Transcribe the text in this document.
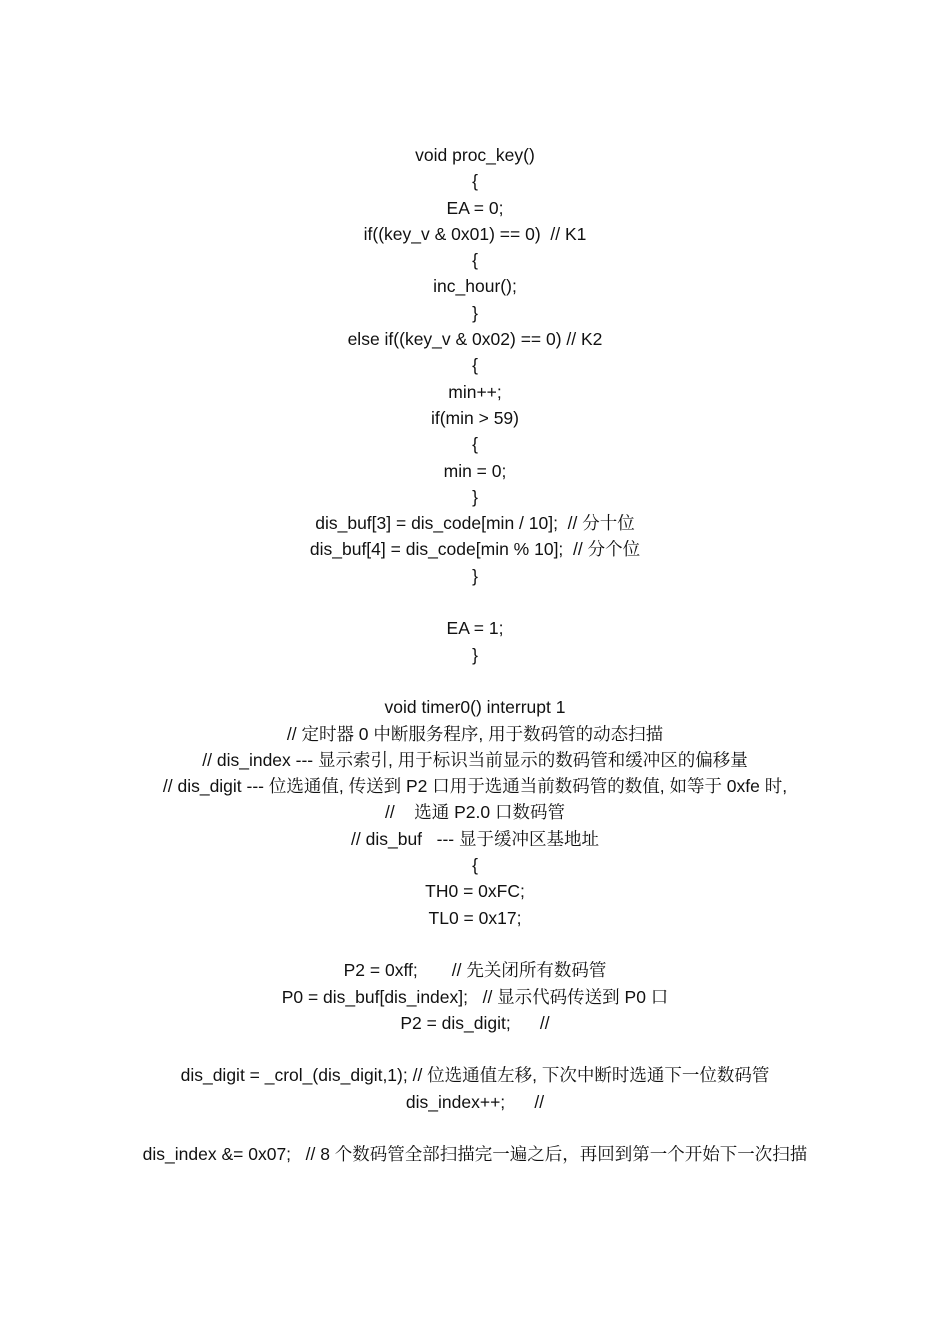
void proc_key()
{
EA = 0;
if((key_v & 0x01) == 0)  // K1
{
inc_hour();
}
else if((key_v & 0x02) == 0) // K2
{
min++;
if(min > 59)
{
min = 0;
}
dis_buf[3] = dis_code[min / 10];  // 分十位
dis_buf[4] = dis_code[min % 10];  // 分个位
}
EA = 1;
}
void timer0() interrupt 1
// 定时器 0 中断服务程序, 用于数码管的动态扫描
// dis_index --- 显示索引, 用于标识当前显示的数码管和缓冲区的偏移量
// dis_digit --- 位选通值, 传送到 P2 口用于选通当前数码管的数值, 如等于 0xfe 时,
//    选通 P2.0 口数码管
// dis_buf   --- 显于缓冲区基地址
{
TH0 = 0xFC;
TL0 = 0x17;
P2 = 0xff;       // 先关闭所有数码管
P0 = dis_buf[dis_index];   // 显示代码传送到 P0 口
P2 = dis_digit;      //
dis_digit = _crol_(dis_digit,1); // 位选通值左移, 下次中断时选通下一位数码管
dis_index++;      //
dis_index &= 0x07;   // 8 个数码管全部扫描完一遍之后，再回到第一个开始下一次扫描
